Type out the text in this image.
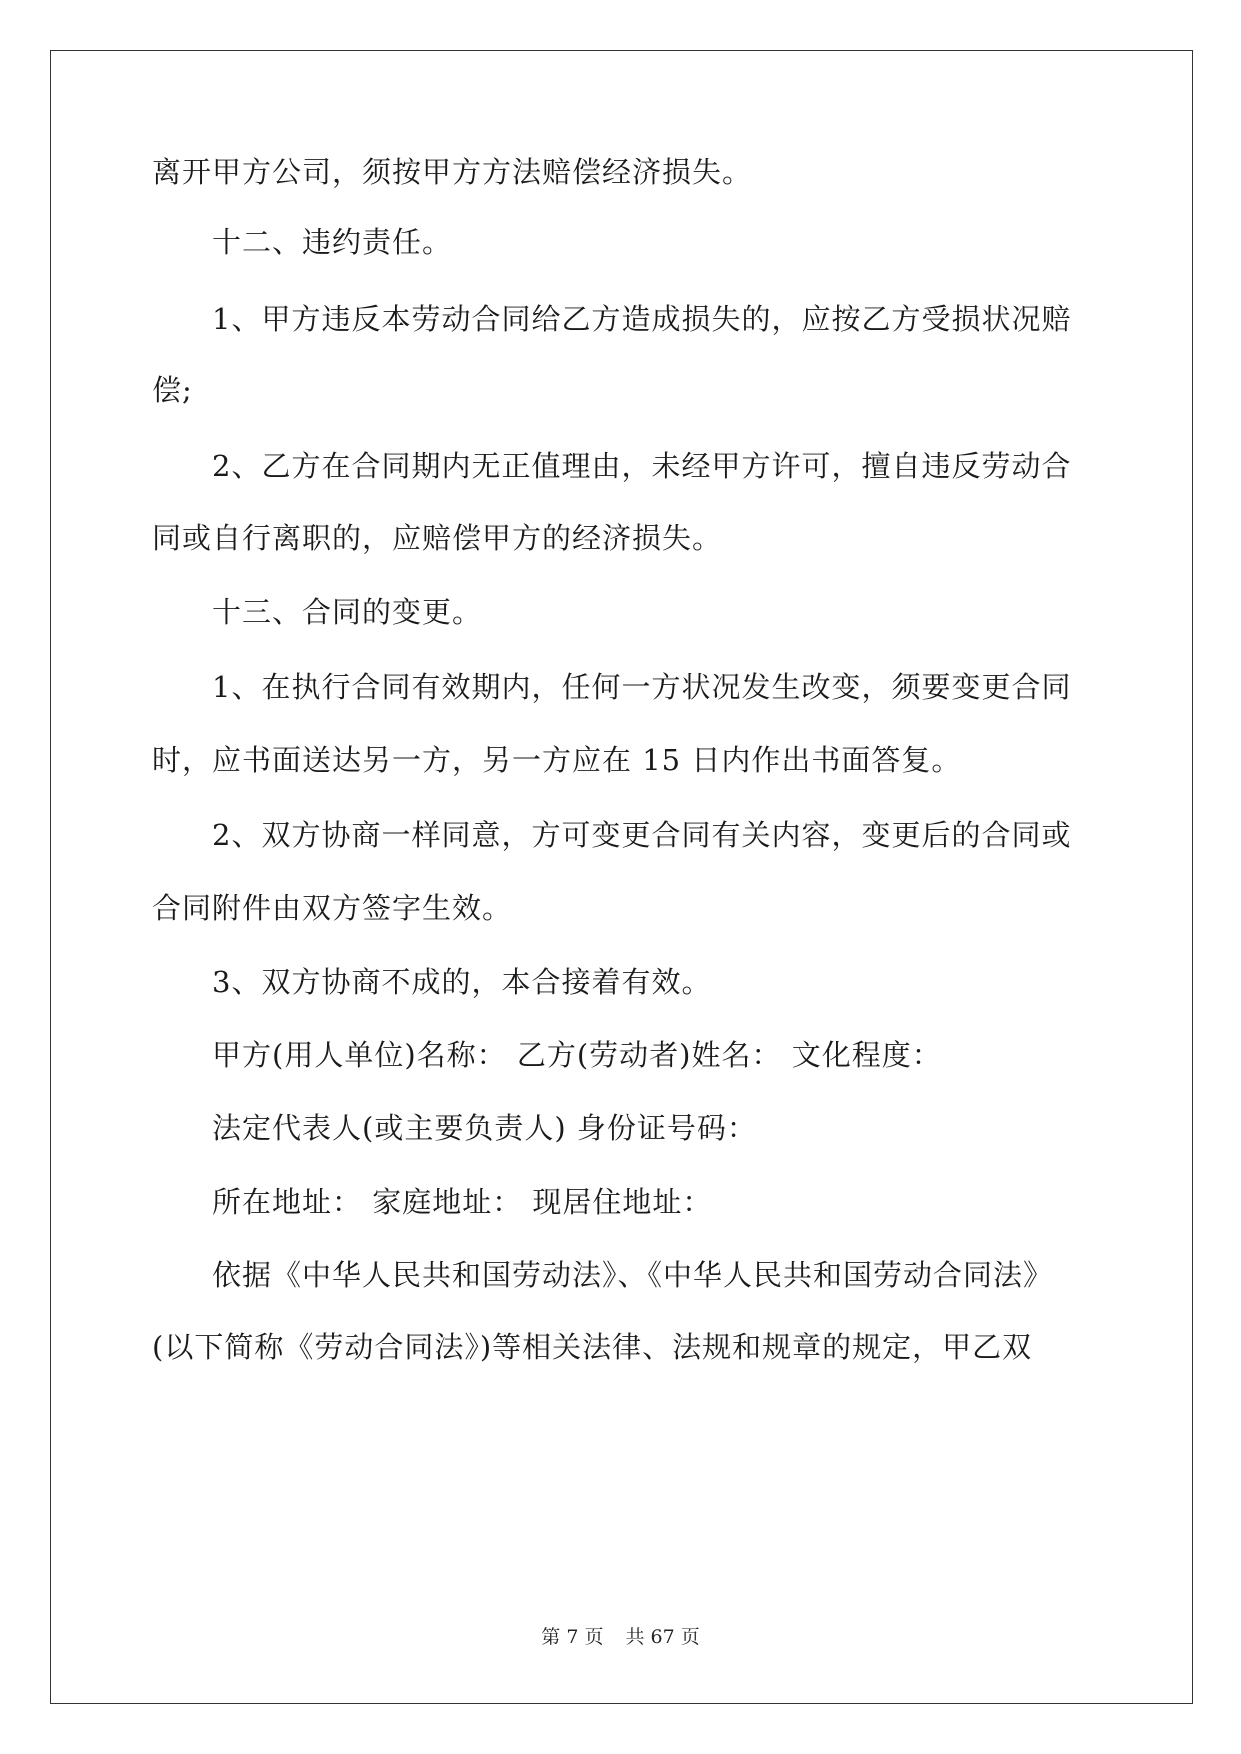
离开甲方公司，须按甲方方法赔偿经济损失。
十二、违约责任。
1、甲方违反本劳动合同给乙方造成损失的，应按乙方受损状况赔
偿;
2、乙方在合同期内无正值理由，未经甲方许可，擅自违反劳动合
同或自行离职的，应赔偿甲方的经济损失。
十三、合同的变更。
1、在执行合同有效期内，任何一方状况发生改变，须要变更合同
时，应书面送达另一方，另一方应在 15 日内作出书面答复。
2、双方协商一样同意，方可变更合同有关内容，变更后的合同或
合同附件由双方签字生效。
3、双方协商不成的，本合接着有效。
甲方(用人单位)名称： 乙方(劳动者)姓名： 文化程度：
法定代表人(或主要负责人) 身份证号码：
所在地址： 家庭地址： 现居住地址：
依据《中华人民共和国劳动法》、《中华人民共和国劳动合同法》
(以下简称《劳动合同法》)等相关法律、法规和规章的规定，甲乙双
第 7 页 共 67 页
